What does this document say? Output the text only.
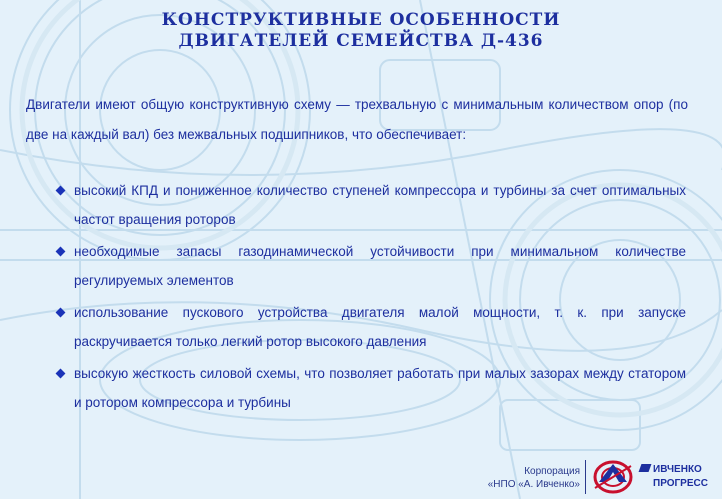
КОНСТРУКТИВНЫЕ ОСОБЕННОСТИ
ДВИГАТЕЛЕЙ СЕМЕЙСТВА Д-436
Двигатели имеют общую конструктивную схему — трехвальную с минимальным количеством опор (по две на каждый вал) без межвальных подшипников, что обеспечивает:
высокий КПД и пониженное количество ступеней компрессора и турбины за счет оптимальных частот вращения роторов
необходимые запасы газодинамической устойчивости при минимальном количестве регулируемых элементов
использование пускового устройства двигателя малой мощности, т. к. при запуске раскручивается только легкий ротор высокого давления
высокую жесткость силовой схемы, что позволяет работать при малых зазорах между статором и ротором компрессора и турбины
Корпорация
«НПО «А. Ивченко»
ИВЧЕНКО
ПРОГРЕСС
